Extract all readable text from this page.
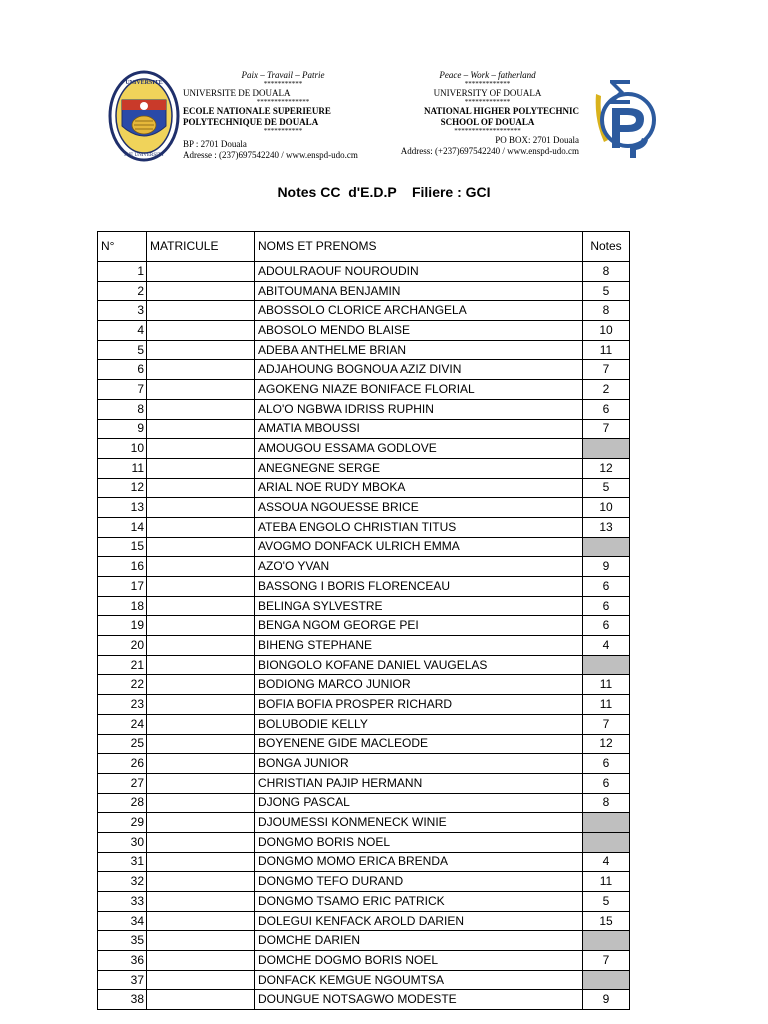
UNIVERSITE
THE UNIVERSITY
Paix – Travail – Patrie
***********
UNIVERSITE DE DOUALA
***************
ECOLE NATIONALE SUPERIEURE
POLYTECHNIQUE DE DOUALA
***********
BP : 2701 Douala
Adresse : (237)697542240 / www.enspd-udo.cm
Peace – Work – fatherland
*************
UNIVERSITY OF DOUALA
*************
NATIONAL HIGHER POLYTECHNIC
SCHOOL OF DOUALA
*******************
PO BOX: 2701 Douala
Address: (+237)697542240 / www.enspd-udo.cm
Notes CC  d'E.D.P    Filiere : GCI
N°	MATRICULE	NOMS ET PRENOMS	Notes
1		ADOULRAOUF NOUROUDIN	8
2		ABITOUMANA BENJAMIN	5
3		ABOSSOLO CLORICE ARCHANGELA	8
4		ABOSOLO MENDO BLAISE	10
5		ADEBA ANTHELME BRIAN	11
6		ADJAHOUNG BOGNOUA AZIZ DIVIN	7
7		AGOKENG NIAZE BONIFACE FLORIAL	2
8		ALO'O NGBWA IDRISS RUPHIN	6
9		AMATIA MBOUSSI	7
10		AMOUGOU ESSAMA GODLOVE	
11		ANEGNEGNE SERGE	12
12		ARIAL NOE RUDY MBOKA	5
13		ASSOUA NGOUESSE BRICE	10
14		ATEBA ENGOLO CHRISTIAN TITUS	13
15		AVOGMO DONFACK ULRICH EMMA	
16		AZO'O YVAN	9
17		BASSONG I BORIS FLORENCEAU	6
18		BELINGA SYLVESTRE	6
19		BENGA NGOM GEORGE PEI	6
20		BIHENG STEPHANE	4
21		BIONGOLO KOFANE DANIEL VAUGELAS	
22		BODIONG MARCO JUNIOR	11
23		BOFIA BOFIA PROSPER RICHARD	11
24		BOLUBODIE KELLY	7
25		BOYENENE GIDE MACLEODE	12
26		BONGA JUNIOR	6
27		CHRISTIAN PAJIP HERMANN	6
28		DJONG PASCAL	8
29		DJOUMESSI KONMENECK WINIE	
30		DONGMO BORIS NOEL	
31		DONGMO MOMO ERICA BRENDA	4
32		DONGMO TEFO DURAND	11
33		DONGMO TSAMO ERIC PATRICK	5
34		DOLEGUI KENFACK AROLD DARIEN	15
35		DOMCHE DARIEN	
36		DOMCHE DOGMO BORIS NOEL	7
37		DONFACK KEMGUE NGOUMTSA	
38		DOUNGUE NOTSAGWO MODESTE	9
